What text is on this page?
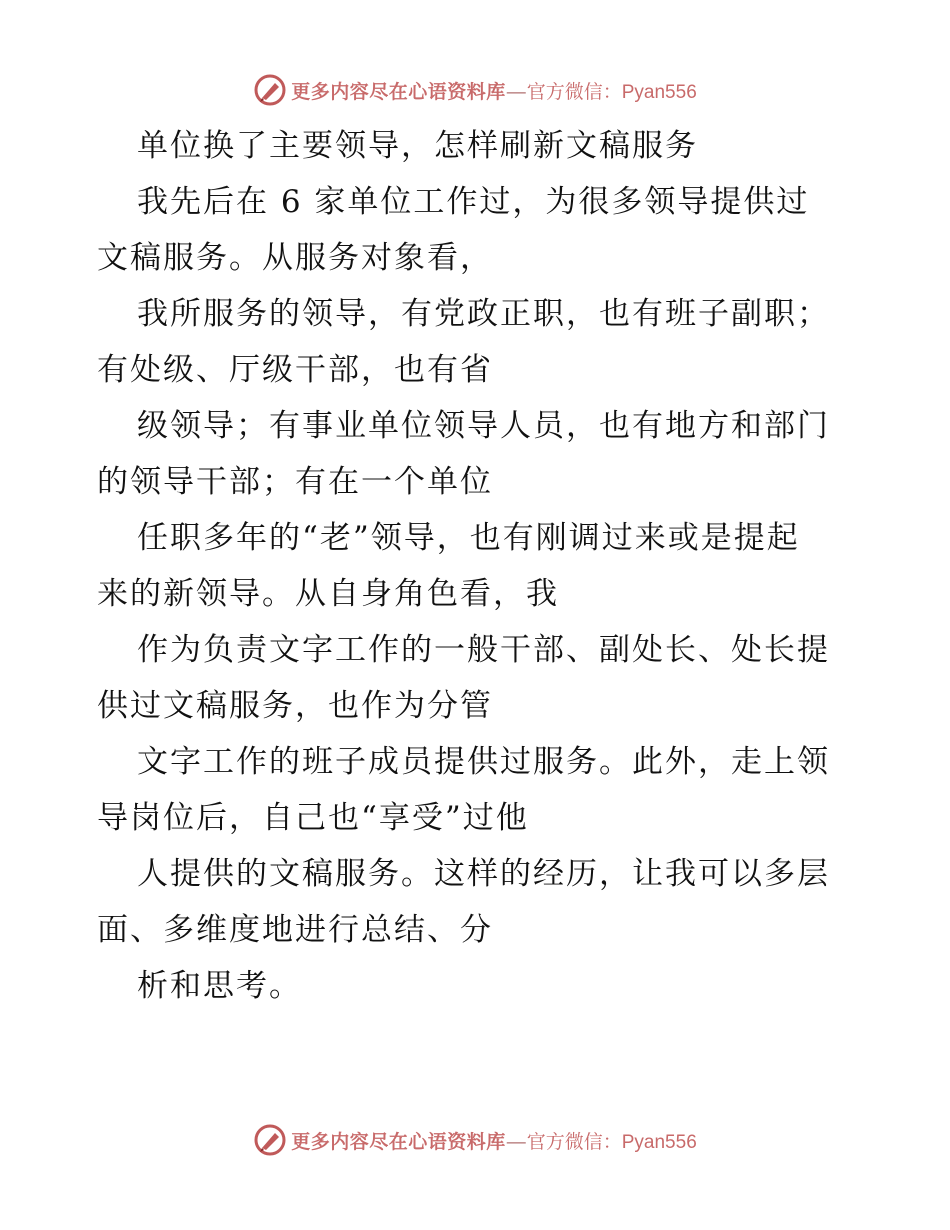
更多内容尽在心语资料库 — 官方微信： Pyan556

单位换了主要领导，怎样刷新文稿服务

我先后在 6 家单位工作过，为很多领导提供过
文稿服务。从服务对象看，

我所服务的领导，有党政正职，也有班子副职；
有处级、厅级干部，也有省

级领导；有事业单位领导人员，也有地方和部门
的领导干部；有在一个单位

任职多年的“老”领导，也有刚调过来或是提起
来的新领导。从自身角色看，我

作为负责文字工作的一般干部、副处长、处长提
供过文稿服务，也作为分管

文字工作的班子成员提供过服务。此外，走上领
导岗位后，自己也“享受”过他

人提供的文稿服务。这样的经历，让我可以多层
面、多维度地进行总结、分

析和思考。

更多内容尽在心语资料库 — 官方微信： Pyan556
